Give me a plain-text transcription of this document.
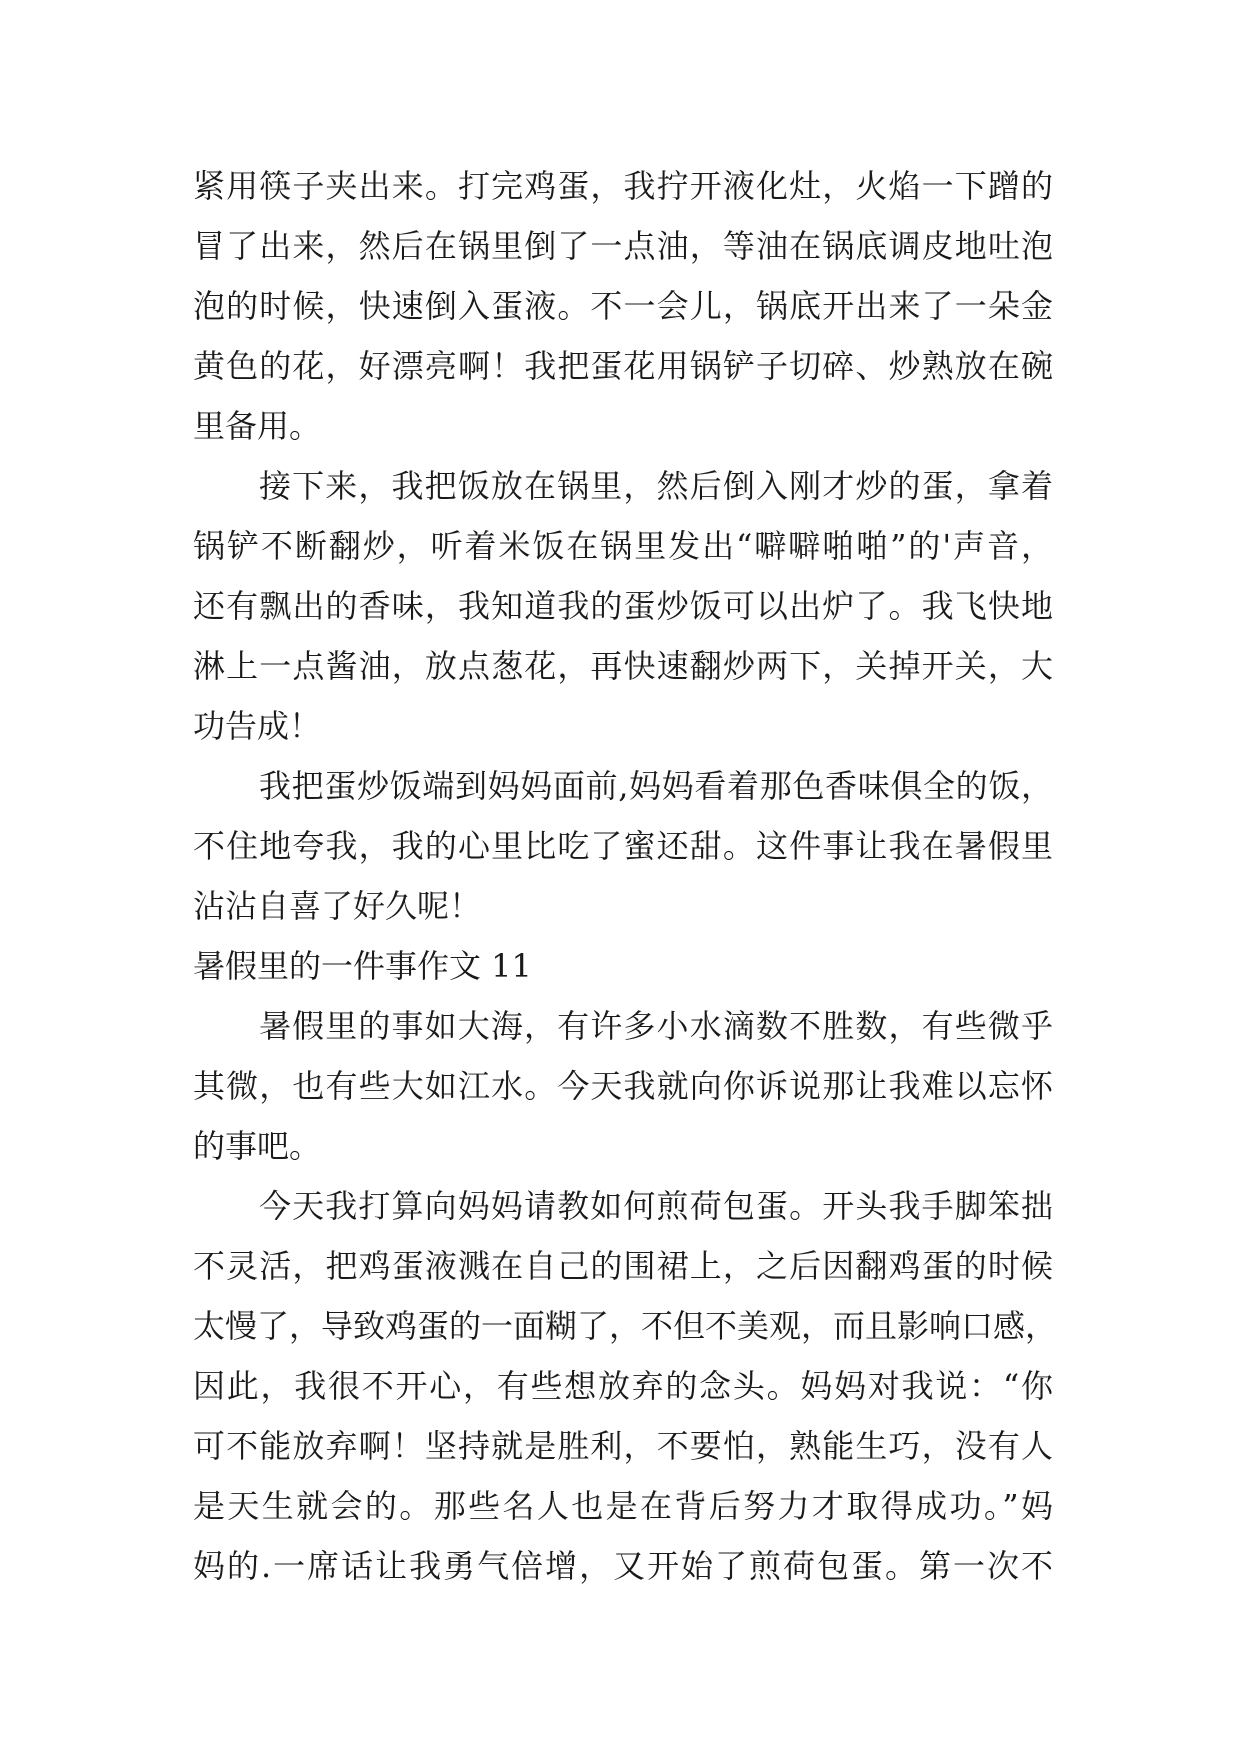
紧用筷子夹出来。打完鸡蛋，我拧开液化灶，火焰一下蹭的
冒了出来，然后在锅里倒了一点油，等油在锅底调皮地吐泡
泡的时候，快速倒入蛋液。不一会儿，锅底开出来了一朵金
黄色的花，好漂亮啊！我把蛋花用锅铲子切碎、炒熟放在碗
里备用。
接下来，我把饭放在锅里，然后倒入刚才炒的蛋，拿着
锅铲不断翻炒，听着米饭在锅里发出“噼噼啪啪”的'声音，
还有飘出的香味，我知道我的蛋炒饭可以出炉了。我飞快地
淋上一点酱油，放点葱花，再快速翻炒两下，关掉开关，大
功告成！
我把蛋炒饭端到妈妈面前,妈妈看着那色香味俱全的饭，
不住地夸我，我的心里比吃了蜜还甜。这件事让我在暑假里
沾沾自喜了好久呢！
暑假里的一件事作文 11
暑假里的事如大海，有许多小水滴数不胜数，有些微乎
其微，也有些大如江水。今天我就向你诉说那让我难以忘怀
的事吧。
今天我打算向妈妈请教如何煎荷包蛋。开头我手脚笨拙
不灵活，把鸡蛋液溅在自己的围裙上，之后因翻鸡蛋的时候
太慢了，导致鸡蛋的一面糊了，不但不美观，而且影响口感，
因此，我很不开心，有些想放弃的念头。妈妈对我说：“你
可不能放弃啊！坚持就是胜利，不要怕，熟能生巧，没有人
是天生就会的。那些名人也是在背后努力才取得成功。”妈
妈的.一席话让我勇气倍增，又开始了煎荷包蛋。第一次不
